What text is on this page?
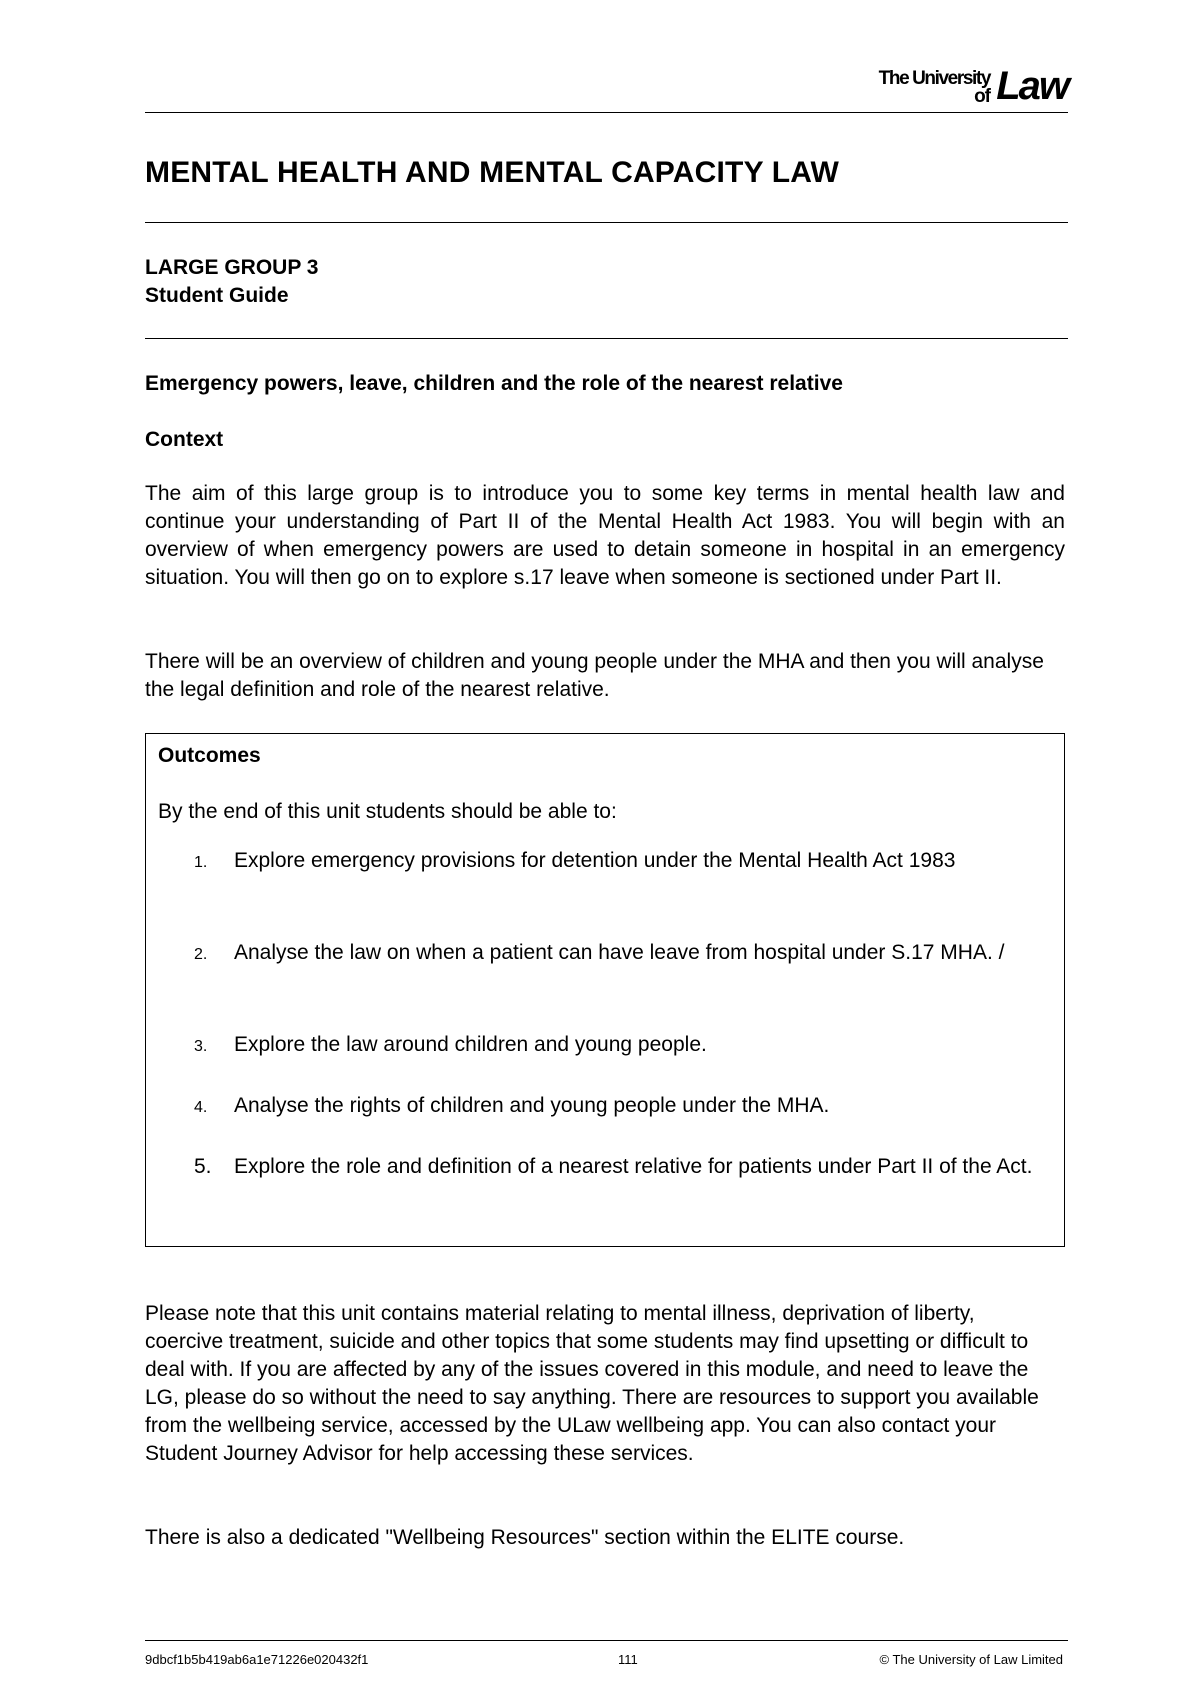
The University
of Law
MENTAL HEALTH AND MENTAL CAPACITY LAW
LARGE GROUP 3
Student Guide
Emergency powers, leave, children and the role of the nearest relative
Context
The aim of this large group is to introduce you to some key terms in mental health law and continue your understanding of Part II of the Mental Health Act 1983. You will begin with an overview of when emergency powers are used to detain someone in hospital in an emergency situation. You will then go on to explore s.17 leave when someone is sectioned under Part II.
There will be an overview of children and young people under the MHA and then you will analyse the legal definition and role of the nearest relative.
Outcomes
By the end of this unit students should be able to:
1.	Explore emergency provisions for detention under the Mental Health Act 1983
2.	Analyse the law on when a patient can have leave from hospital under S.17 MHA. /
3.	Explore the law around children and young people.
4.	Analyse the rights of children and young people under the MHA.
5.	Explore the role and definition of a nearest relative for patients under Part II of the Act.
Please note that this unit contains material relating to mental illness, deprivation of liberty, coercive treatment, suicide and other topics that some students may find upsetting or difficult to deal with. If you are affected by any of the issues covered in this module, and need to leave the LG, please do so without the need to say anything. There are resources to support you available from the wellbeing service, accessed by the ULaw wellbeing app. You can also contact your Student Journey Advisor for help accessing these services.
There is also a dedicated "Wellbeing Resources" section within the ELITE course.
9dbcf1b5b419ab6a1e71226e020432f1	111	© The University of Law Limited
